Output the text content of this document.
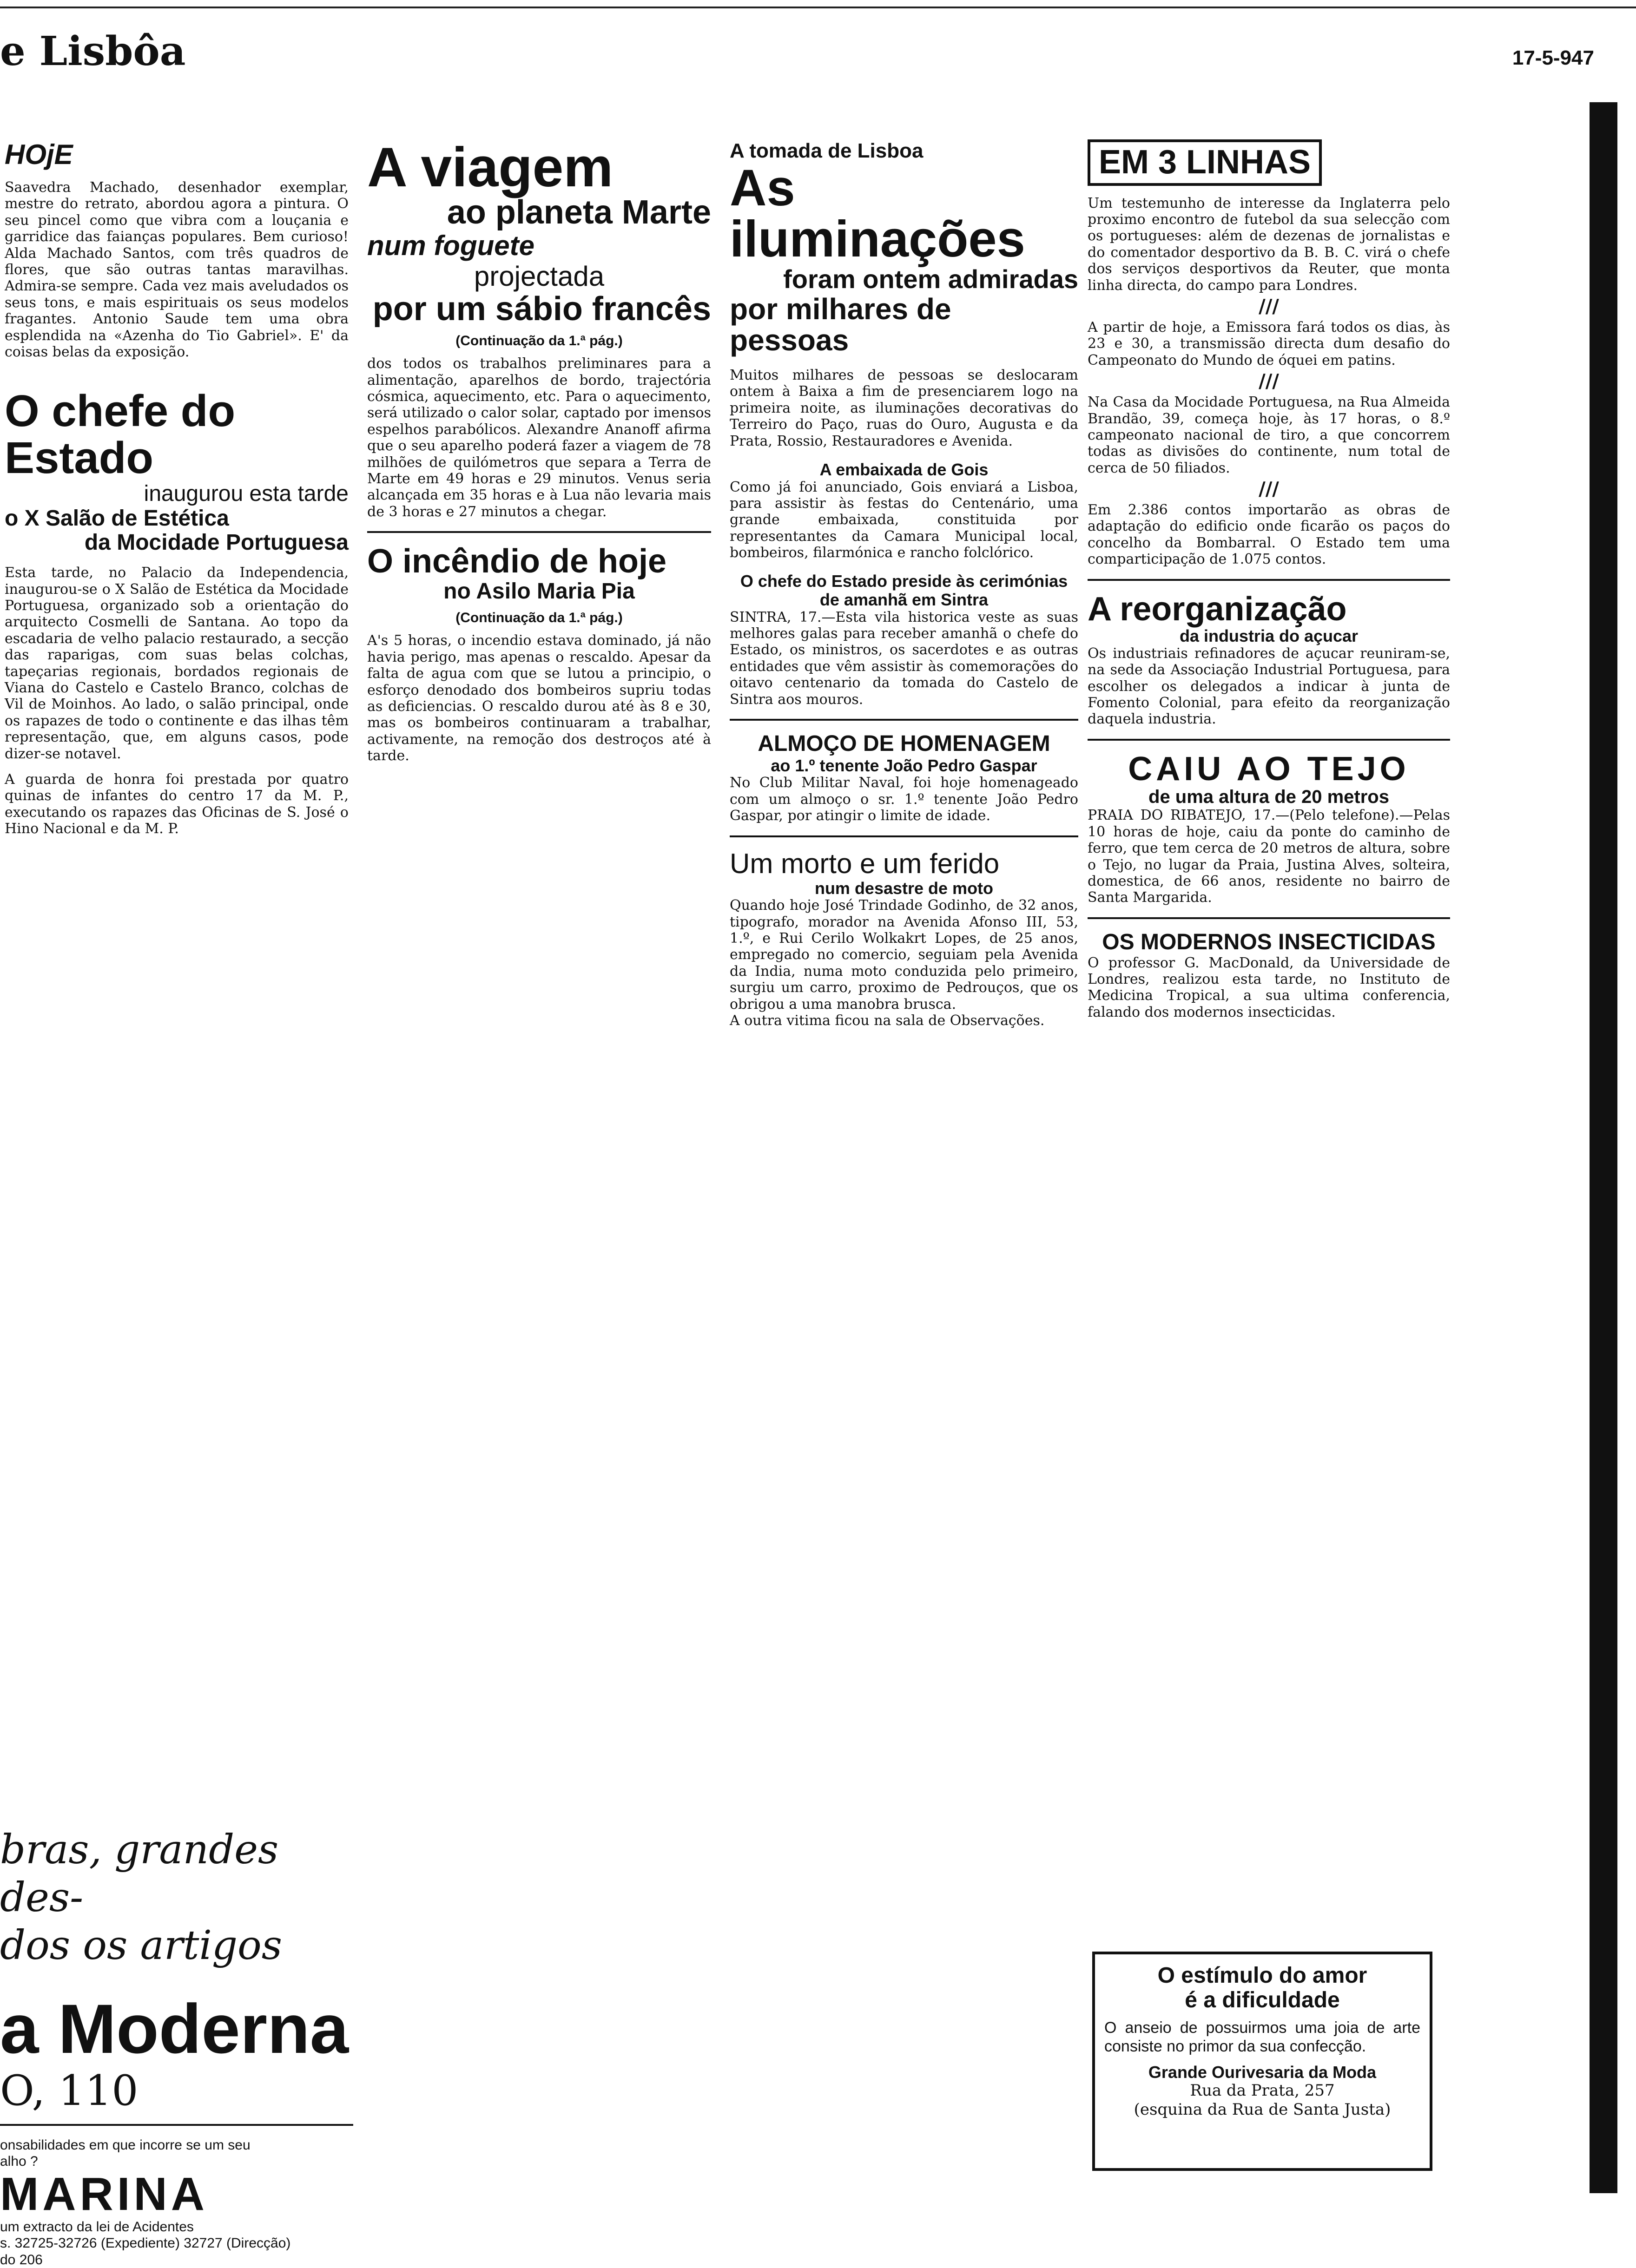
e Lisbôa	17-5-947

HOjE

Saavedra Machado, desenhador exemplar, mestre do retrato, abordou agora a pintura. O seu pincel como que vibra com a louçania e garridice das faianças populares. Bem curioso! Alda Machado Santos, com três quadros de flores, que são outras tantas maravilhas. Admira-se sempre. Cada vez mais aveludados os seus tons, e mais espirituais os seus modelos fragantes. Antonio Saude tem uma obra esplendida na «Azenha do Tio Gabriel». E' da coisas belas da exposição.

O chefe do Estado

inaugurou esta tarde

o X Salão de Estética

da Mocidade Portuguesa

Esta tarde, no Palacio da Independencia, inaugurou-se o X Salão de Estética da Mocidade Portuguesa, organizado sob a orientação do arquitecto Cosmelli de Santana. Ao topo da escadaria de velho palacio restaurado, a secção das raparigas, com suas belas colchas, tapeçarias regionais, bordados regionais de Viana do Castelo e Castelo Branco, colchas de Vil de Moinhos. Ao lado, o salão principal, onde os rapazes de todo o continente e das ilhas têm representação, que, em alguns casos, pode dizer-se notavel.

A guarda de honra foi prestada por quatro quinas de infantes do centro 17 da M. P., executando os rapazes das Oficinas de S. José o Hino Nacional e da M. P.

bras, grandes des-

dos os artigos

a Moderna

O, 110

onsabilidades em que incorre se um seu

alho ?

MARINA

um extracto da lei de Acidentes

s. 32725-32726 (Expediente) 32727 (Direcção)

do 206

A viagem

ao planeta Marte

num foguete

projectada

por um sábio francês

(Continuação da 1.ª pág.)

dos todos os trabalhos preliminares para a alimentação, aparelhos de bordo, trajectória cósmica, aquecimento, etc. Para o aquecimento, será utilizado o calor solar, captado por imensos espelhos parabólicos. Alexandre Ananoff afirma que o seu aparelho poderá fazer a viagem de 78 milhões de quilómetros que separa a Terra de Marte em 49 horas e 29 minutos. Venus seria alcançada em 35 horas e à Lua não levaria mais de 3 horas e 27 minutos a chegar.

O incêndio de hoje

no Asilo Maria Pia

(Continuação da 1.ª pág.)

A's 5 horas, o incendio estava dominado, já não havia perigo, mas apenas o rescaldo. Apesar da falta de agua com que se lutou a principio, o esforço denodado dos bombeiros supriu todas as deficiencias. O rescaldo durou até às 8 e 30, mas os bombeiros continuaram a trabalhar, activamente, na remoção dos destroços até à tarde.

A tomada de Lisboa

As iluminações

foram ontem admiradas

por milhares de pessoas

Muitos milhares de pessoas se deslocaram ontem à Baixa a fim de presenciarem logo na primeira noite, as iluminações decorativas do Terreiro do Paço, ruas do Ouro, Augusta e da Prata, Rossio, Restauradores e Avenida.

A embaixada de Gois

Como já foi anunciado, Gois enviará a Lisboa, para assistir às festas do Centenário, uma grande embaixada, constituida por representantes da Camara Municipal local, bombeiros, filarmónica e rancho folclórico.

O chefe do Estado preside às cerimónias de amanhã em Sintra

SINTRA, 17.—Esta vila historica veste as suas melhores galas para receber amanhã o chefe do Estado, os ministros, os sacerdotes e as outras entidades que vêm assistir às comemorações do oitavo centenario da tomada do Castelo de Sintra aos mouros.

ALMOÇO DE HOMENAGEM

ao 1.º tenente João Pedro Gaspar

No Club Militar Naval, foi hoje homenageado com um almoço o sr. 1.º tenente João Pedro Gaspar, por atingir o limite de idade.

Um morto e um ferido

num desastre de moto

Quando hoje José Trindade Godinho, de 32 anos, tipografo, morador na Avenida Afonso III, 53, 1.º, e Rui Cerilo Wolkakrt Lopes, de 25 anos, empregado no comercio, seguiam pela Avenida da India, numa moto conduzida pelo primeiro, surgiu um carro, proximo de Pedrouços, que os obrigou a uma manobra brusca.

A outra vitima ficou na sala de Observações.

EM 3 LINHAS

Um testemunho de interesse da Inglaterra pelo proximo encontro de futebol da sua selecção com os portugueses: além de dezenas de jornalistas e do comentador desportivo da B. B. C. virá o chefe dos serviços desportivos da Reuter, que monta linha directa, do campo para Londres.

///

A partir de hoje, a Emissora fará todos os dias, às 23 e 30, a transmissão directa dum desafio do Campeonato do Mundo de óquei em patins.

///

Na Casa da Mocidade Portuguesa, na Rua Almeida Brandão, 39, começa hoje, às 17 horas, o 8.º campeonato nacional de tiro, a que concorrem todas as divisões do continente, num total de cerca de 50 filiados.

///

Em 2.386 contos importarão as obras de adaptação do edificio onde ficarão os paços do concelho da Bombarral. O Estado tem uma comparticipação de 1.075 contos.

A reorganização

da industria do açucar

Os industriais refinadores de açucar reuniram-se, na sede da Associação Industrial Portuguesa, para escolher os delegados a indicar à junta de Fomento Colonial, para efeito da reorganização daquela industria.

CAIU AO TEJO

de uma altura de 20 metros

PRAIA DO RIBATEJO, 17.—(Pelo telefone).—Pelas 10 horas de hoje, caiu da ponte do caminho de ferro, que tem cerca de 20 metros de altura, sobre o Tejo, no lugar da Praia, Justina Alves, solteira, domestica, de 66 anos, residente no bairro de Santa Margarida.

OS MODERNOS INSECTICIDAS

O professor G. MacDonald, da Universidade de Londres, realizou esta tarde, no Instituto de Medicina Tropical, a sua ultima conferencia, falando dos modernos insecticidas.

O estímulo do amor

é a dificuldade

O anseio de possuirmos uma joia de arte consiste no primor da sua confecção.

Grande Ourivesaria da Moda

Rua da Prata, 257

(esquina da Rua de Santa Justa)
